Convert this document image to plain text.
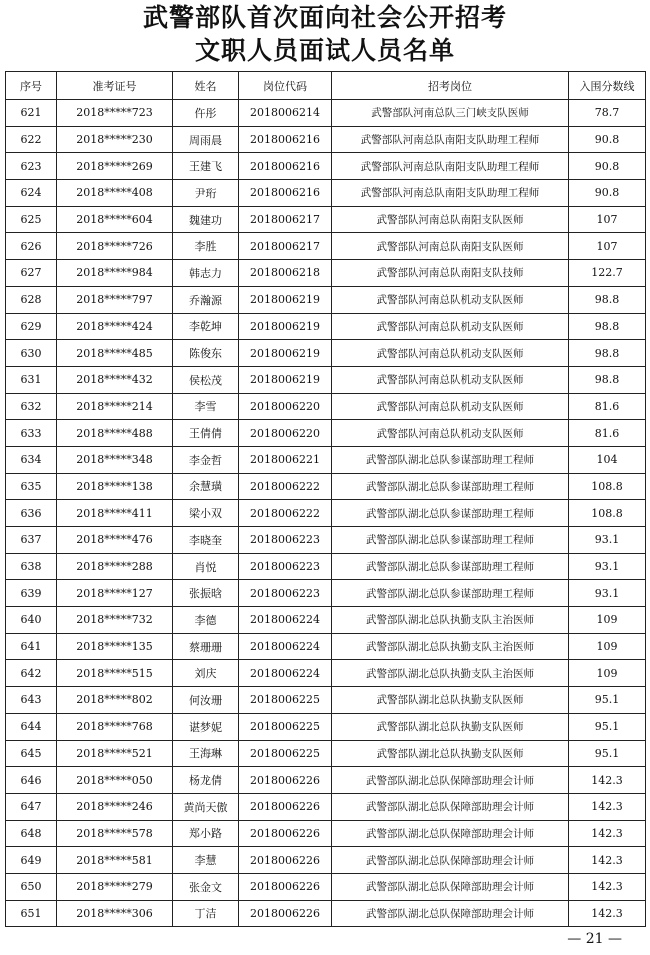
武警部队首次面向社会公开招考
文职人员面试人员名单
序号	准考证号	姓名	岗位代码	招考岗位	入围分数线
621	2018*****723	仵彤	2018006214	武警部队河南总队三门峡支队医师	78.7
622	2018*****230	周雨晨	2018006216	武警部队河南总队南阳支队助理工程师	90.8
623	2018*****269	王建飞	2018006216	武警部队河南总队南阳支队助理工程师	90.8
624	2018*****408	尹珩	2018006216	武警部队河南总队南阳支队助理工程师	90.8
625	2018*****604	魏建功	2018006217	武警部队河南总队南阳支队医师	107
626	2018*****726	李胜	2018006217	武警部队河南总队南阳支队医师	107
627	2018*****984	韩志力	2018006218	武警部队河南总队南阳支队技师	122.7
628	2018*****797	乔瀚源	2018006219	武警部队河南总队机动支队医师	98.8
629	2018*****424	李乾坤	2018006219	武警部队河南总队机动支队医师	98.8
630	2018*****485	陈俊东	2018006219	武警部队河南总队机动支队医师	98.8
631	2018*****432	侯松茂	2018006219	武警部队河南总队机动支队医师	98.8
632	2018*****214	李雪	2018006220	武警部队河南总队机动支队医师	81.6
633	2018*****488	王倩倩	2018006220	武警部队河南总队机动支队医师	81.6
634	2018*****348	李金哲	2018006221	武警部队湖北总队参谋部助理工程师	104
635	2018*****138	余慧璜	2018006222	武警部队湖北总队参谋部助理工程师	108.8
636	2018*****411	梁小双	2018006222	武警部队湖北总队参谋部助理工程师	108.8
637	2018*****476	李晓奎	2018006223	武警部队湖北总队参谋部助理工程师	93.1
638	2018*****288	肖悦	2018006223	武警部队湖北总队参谋部助理工程师	93.1
639	2018*****127	张振晗	2018006223	武警部队湖北总队参谋部助理工程师	93.1
640	2018*****732	李德	2018006224	武警部队湖北总队执勤支队主治医师	109
641	2018*****135	蔡珊珊	2018006224	武警部队湖北总队执勤支队主治医师	109
642	2018*****515	刘庆	2018006224	武警部队湖北总队执勤支队主治医师	109
643	2018*****802	何汝珊	2018006225	武警部队湖北总队执勤支队医师	95.1
644	2018*****768	谌梦妮	2018006225	武警部队湖北总队执勤支队医师	95.1
645	2018*****521	王海琳	2018006225	武警部队湖北总队执勤支队医师	95.1
646	2018*****050	杨龙倩	2018006226	武警部队湖北总队保障部助理会计师	142.3
647	2018*****246	黄尚天傲	2018006226	武警部队湖北总队保障部助理会计师	142.3
648	2018*****578	郑小路	2018006226	武警部队湖北总队保障部助理会计师	142.3
649	2018*****581	李慧	2018006226	武警部队湖北总队保障部助理会计师	142.3
650	2018*****279	张金文	2018006226	武警部队湖北总队保障部助理会计师	142.3
651	2018*****306	丁洁	2018006226	武警部队湖北总队保障部助理会计师	142.3
— 21 —
